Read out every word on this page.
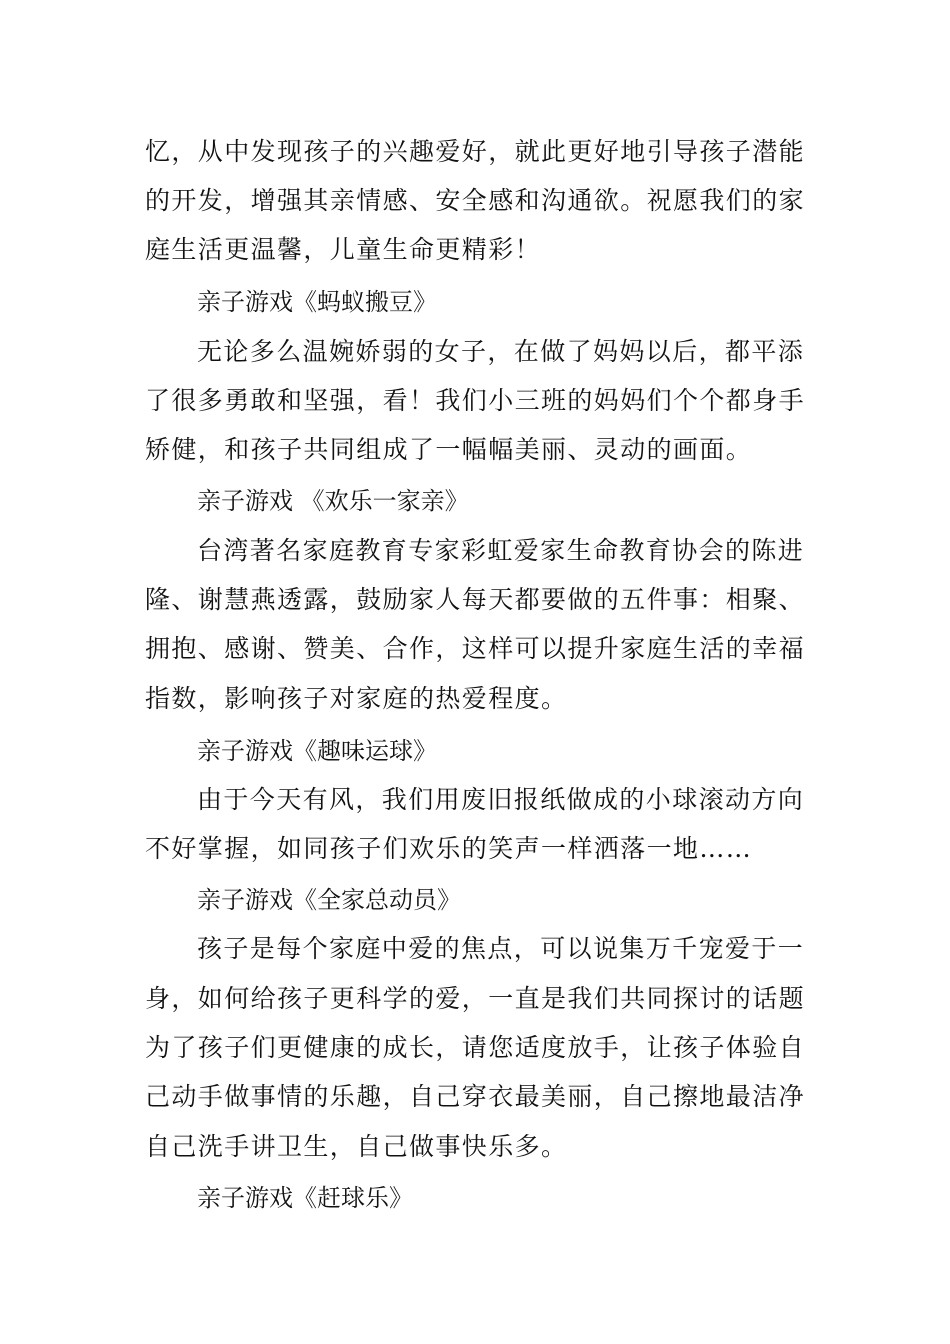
忆，从中发现孩子的兴趣爱好，就此更好地引导孩子潜能
的开发，增强其亲情感、安全感和沟通欲。祝愿我们的家
庭生活更温馨，儿童生命更精彩！
亲子游戏《蚂蚁搬豆》
无论多么温婉娇弱的女子，在做了妈妈以后，都平添
了很多勇敢和坚强，看！我们小三班的妈妈们个个都身手
矫健，和孩子共同组成了一幅幅美丽、灵动的画面。
亲子游戏 《欢乐一家亲》
台湾著名家庭教育专家彩虹爱家生命教育协会的陈进
隆、谢慧燕透露，鼓励家人每天都要做的五件事：相聚、
拥抱、感谢、赞美、合作，这样可以提升家庭生活的幸福
指数，影响孩子对家庭的热爱程度。
亲子游戏《趣味运球》
由于今天有风，我们用废旧报纸做成的小球滚动方向
不好掌握，如同孩子们欢乐的笑声一样洒落一地……
亲子游戏《全家总动员》
孩子是每个家庭中爱的焦点，可以说集万千宠爱于一
身，如何给孩子更科学的爱，一直是我们共同探讨的话题
为了孩子们更健康的成长，请您适度放手，让孩子体验自
己动手做事情的乐趣，自己穿衣最美丽，自己擦地最洁净
自己洗手讲卫生，自己做事快乐多。
亲子游戏《赶球乐》
